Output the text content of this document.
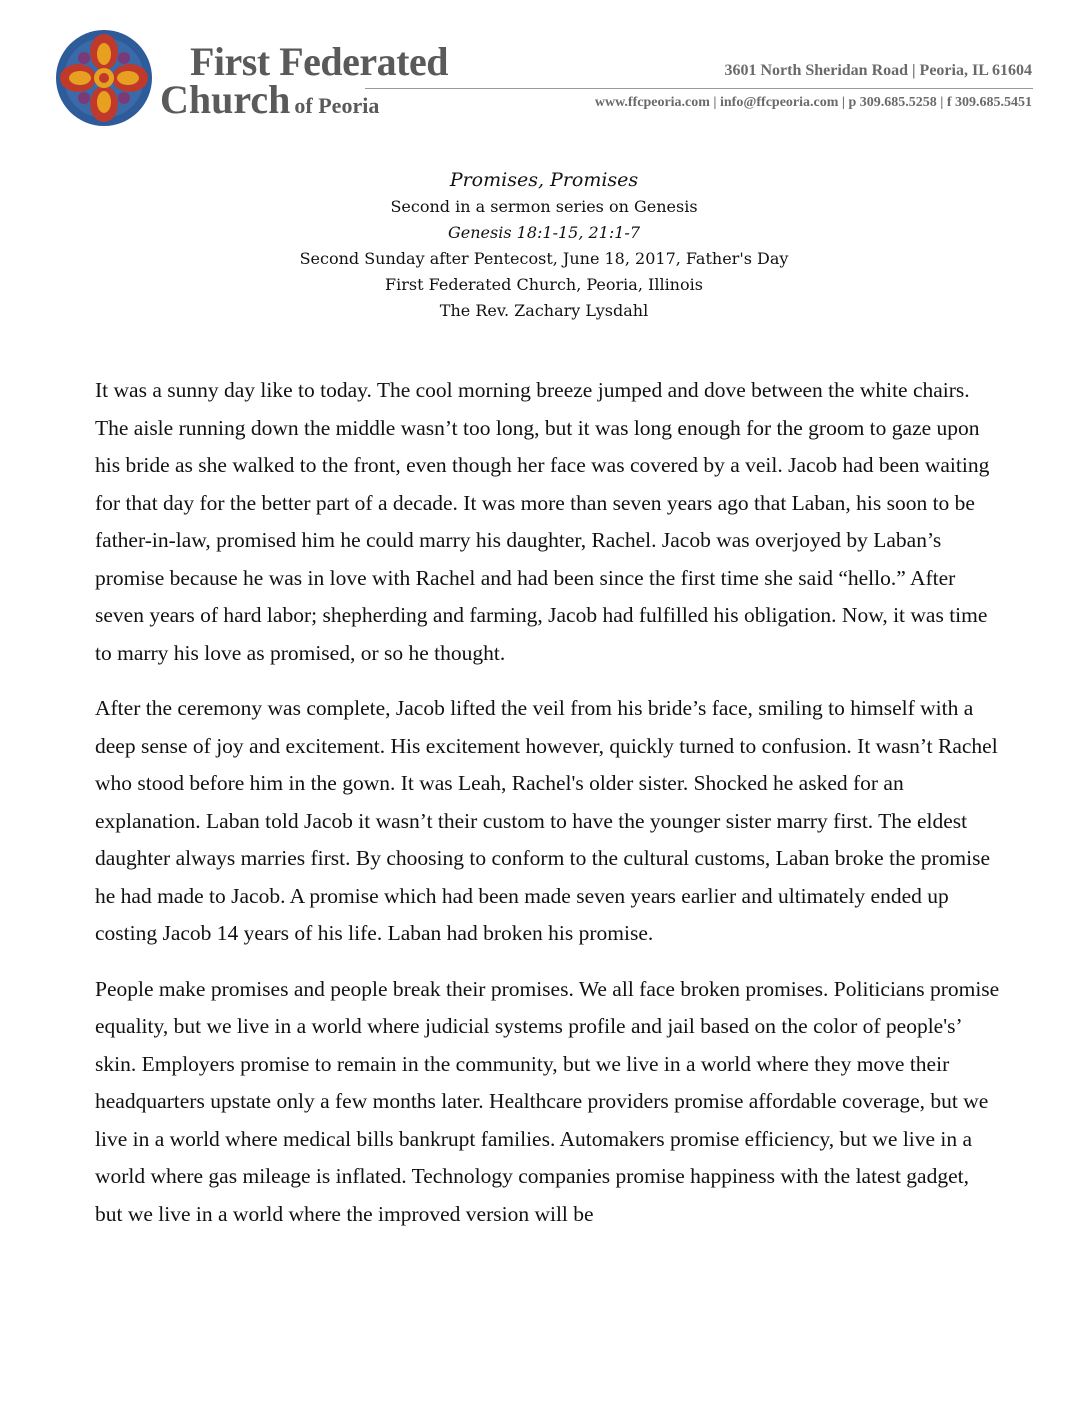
First Federated
Church of Peoria
3601 North Sheridan Road | Peoria, IL 61604
www.ffcpeoria.com | info@ffcpeoria.com | p 309.685.5258 | f 309.685.5451
Promises, Promises
Second in a sermon series on Genesis
Genesis 18:1-15, 21:1-7
Second Sunday after Pentecost, June 18, 2017, Father's Day
First Federated Church, Peoria, Illinois
The Rev. Zachary Lysdahl

It was a sunny day like to today. The cool morning breeze jumped and dove between the white chairs. The aisle running down the middle wasn’t too long, but it was long enough for the groom to gaze upon his bride as she walked to the front, even though her face was covered by a veil. Jacob had been waiting for that day for the better part of a decade. It was more than seven years ago that Laban, his soon to be father-in-law, promised him he could marry his daughter, Rachel. Jacob was overjoyed by Laban’s promise because he was in love with Rachel and had been since the first time she said “hello.” After seven years of hard labor; shepherding and farming, Jacob had fulfilled his obligation. Now, it was time to marry his love as promised, or so he thought.

After the ceremony was complete, Jacob lifted the veil from his bride’s face, smiling to himself with a deep sense of joy and excitement. His excitement however, quickly turned to confusion. It wasn’t Rachel who stood before him in the gown. It was Leah, Rachel's older sister. Shocked he asked for an explanation. Laban told Jacob it wasn’t their custom to have the younger sister marry first. The eldest daughter always marries first. By choosing to conform to the cultural customs, Laban broke the promise he had made to Jacob. A promise which had been made seven years earlier and ultimately ended up costing Jacob 14 years of his life. Laban had broken his promise.

People make promises and people break their promises. We all face broken promises. Politicians promise equality, but we live in a world where judicial systems profile and jail based on the color of people's’ skin. Employers promise to remain in the community, but we live in a world where they move their headquarters upstate only a few months later. Healthcare providers promise affordable coverage, but we live in a world where medical bills bankrupt families. Automakers promise efficiency, but we live in a world where gas mileage is inflated. Technology companies promise happiness with the latest gadget, but we live in a world where the improved version will be
